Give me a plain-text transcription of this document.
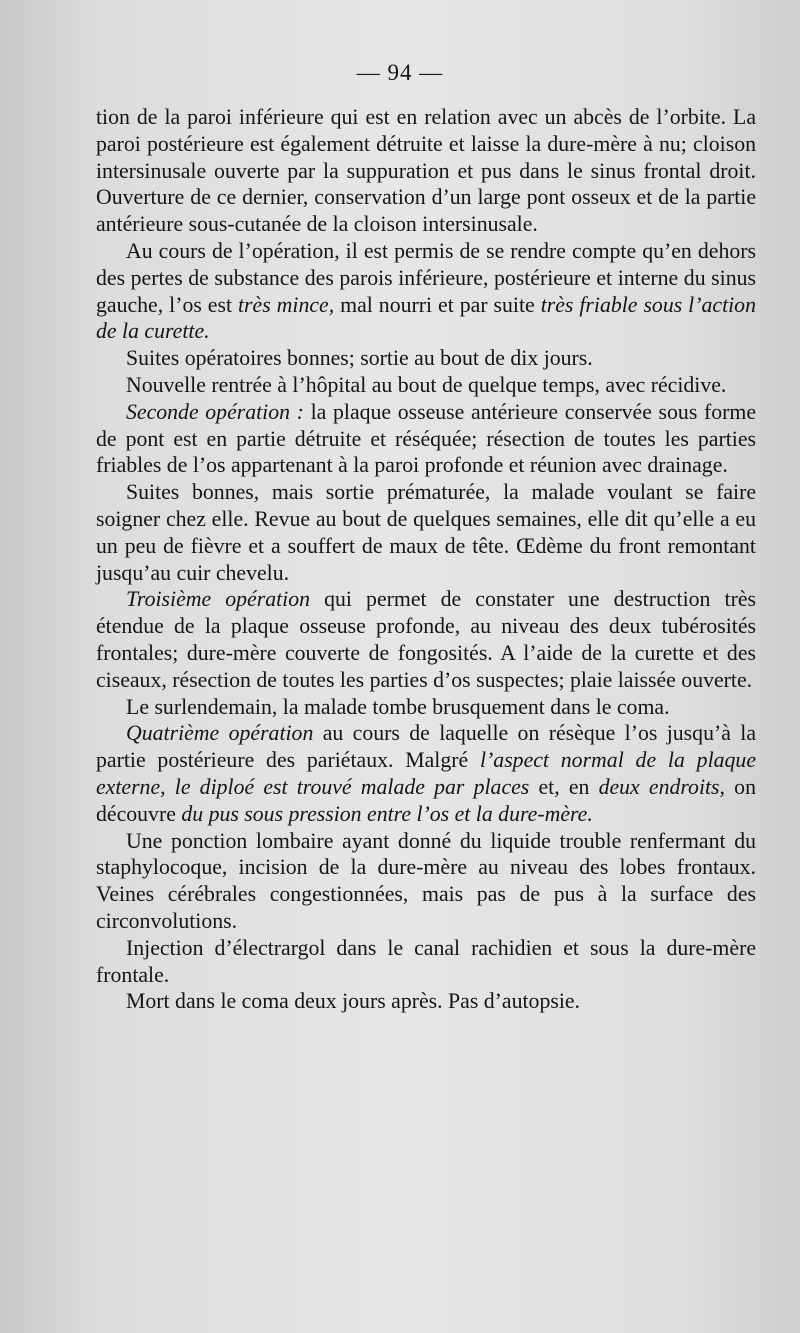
— 94 —

tion de la paroi inférieure qui est en relation avec un abcès de l’orbite. La paroi postérieure est également détruite et laisse la dure-mère à nu; cloison intersinusale ouverte par la suppuration et pus dans le sinus frontal droit. Ouverture de ce dernier, conservation d’un large pont osseux et de la partie antérieure sous-cutanée de la cloison intersinusale.

Au cours de l’opération, il est permis de se rendre compte qu’en dehors des pertes de substance des parois inférieure, postérieure et interne du sinus gauche, l’os est très mince, mal nourri et par suite très friable sous l’action de la curette.

Suites opératoires bonnes; sortie au bout de dix jours.

Nouvelle rentrée à l’hôpital au bout de quelque temps, avec récidive.

Seconde opération : la plaque osseuse antérieure conservée sous forme de pont est en partie détruite et réséquée; résection de toutes les parties friables de l’os appartenant à la paroi profonde et réunion avec drainage.

Suites bonnes, mais sortie prématurée, la malade voulant se faire soigner chez elle. Revue au bout de quelques semaines, elle dit qu’elle a eu un peu de fièvre et a souffert de maux de tête. Œdème du front remontant jusqu’au cuir chevelu.

Troisième opération qui permet de constater une destruction très étendue de la plaque osseuse profonde, au niveau des deux tubérosités frontales; dure-mère couverte de fongosités. A l’aide de la curette et des ciseaux, résection de toutes les parties d’os suspectes; plaie laissée ouverte.

Le surlendemain, la malade tombe brusquement dans le coma.

Quatrième opération au cours de laquelle on résèque l’os jusqu’à la partie postérieure des pariétaux. Malgré l’aspect normal de la plaque externe, le diploé est trouvé malade par places et, en deux endroits, on découvre du pus sous pression entre l’os et la dure-mère.

Une ponction lombaire ayant donné du liquide trouble renfermant du staphylocoque, incision de la dure-mère au niveau des lobes frontaux. Veines cérébrales congestionnées, mais pas de pus à la surface des circonvolutions.

Injection d’électrargol dans le canal rachidien et sous la dure-mère frontale.

Mort dans le coma deux jours après. Pas d’autopsie.
